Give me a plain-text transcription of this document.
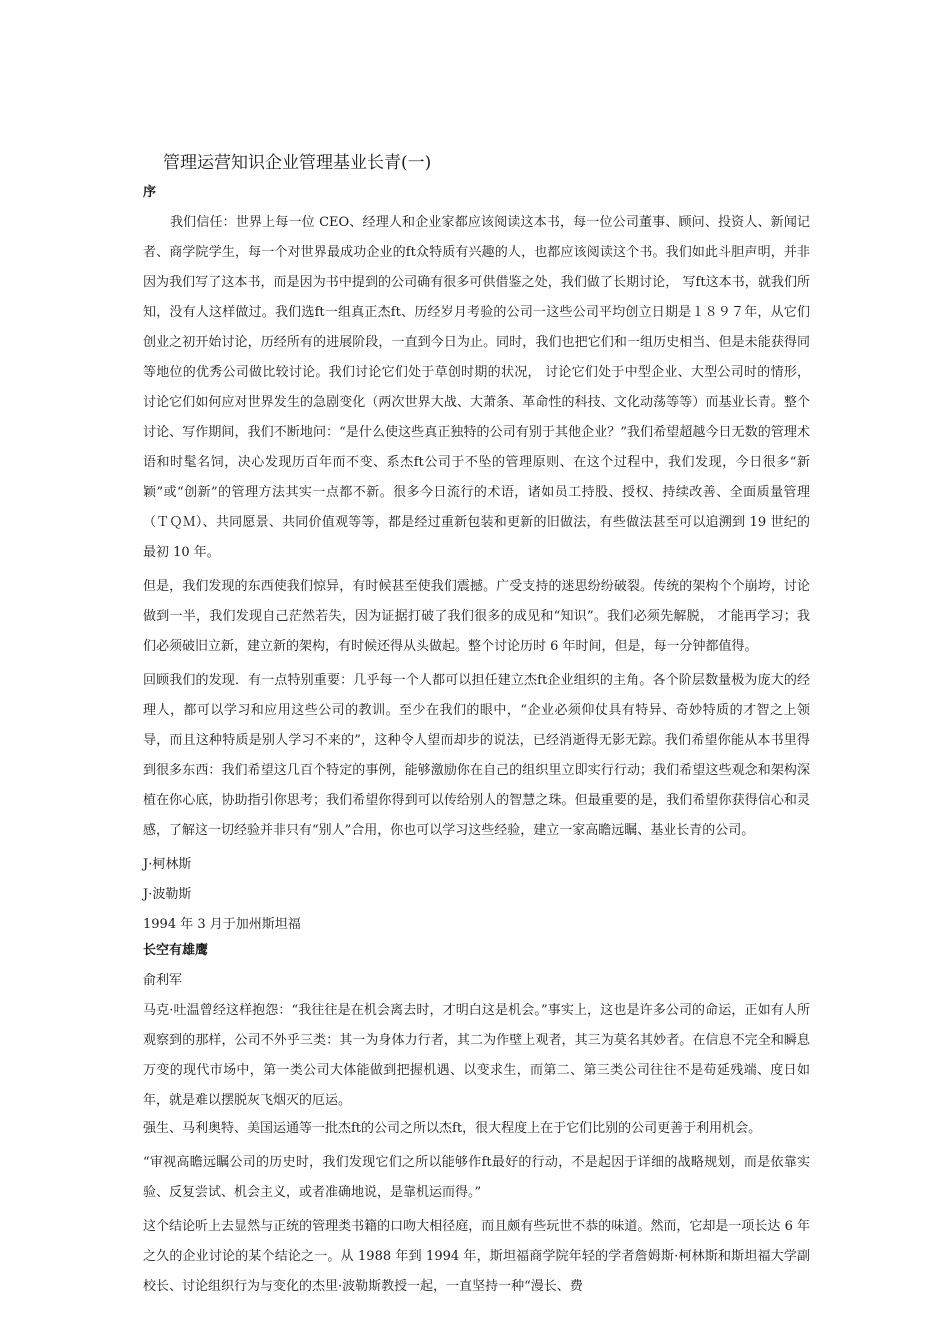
管理运营知识企业管理基业长青(一)
序

我们信任：世界上每一位 CEO、经理人和企业家都应该阅读这本书，每一位公司董事、顾问、投资人、新闻记者、商学院学生，每一个对世界最成功企业的ft众特质有兴趣的人，也都应该阅读这个书。我们如此斗胆声明，并非因为我们写了这本书，而是因为书中提到的公司确有很多可供借鉴之处，我们做了长期讨论， 写ft这本书，就我们所知，没有人这样做过。我们选ft一组真正杰ft、历经岁月考验的公司一这些公司平均创立日期是１８９７年，从它们创业之初开始讨论，历经所有的进展阶段，一直到今日为止。同时，我们也把它们和一组历史相当、但是未能获得同等地位的优秀公司做比较讨论。我们讨论它们处于草创时期的状况， 讨论它们处于中型企业、大型公司时的情形，讨论它们如何应对世界发生的急剧变化（两次世界大战、大萧条、革命性的科技、文化动荡等等）而基业长青。整个讨论、写作期间，我们不断地问：“是什么使这些真正独特的公司有别于其他企业？”我们希望超越今日无数的管理术语和时髦名饲，决心发现历百年而不变、系杰ft公司于不坠的管理原则、在这个过程中，我们发现，今日很多“新颖”或“创新”的管理方法其实一点都不新。很多今日流行的术语，诸如员工持股、授权、持续改善、全面质量管理（ＴＱＭ）、共同愿景、共同价值观等等，都是经过重新包装和更新的旧做法，有些做法甚至可以追溯到 19 世纪的最初 10 年。

但是，我们发现的东西使我们惊异，有时候甚至使我们震撼。广受支持的迷思纷纷破裂。传统的架构个个崩垮，讨论做到一半，我们发现自己茫然若失，因为证据打破了我们很多的成见和“知识”。我们必须先解脱， 才能再学习；我们必须破旧立新，建立新的架构，有时候还得从头做起。整个讨论历时 6 年时间，但是，每一分钟都值得。

回顾我们的发现．有一点特别重要：几乎每一个人都可以担任建立杰ft企业组织的主角。各个阶层数量极为庞大的经理人，都可以学习和应用这些公司的教训。至少在我们的眼中，“企业必须仰仗具有特异、奇妙特质的才智之上领导，而且这种特质是别人学习不来的”，这种令人望而却步的说法，已经消逝得无影无踪。我们希望你能从本书里得到很多东西：我们希望这几百个特定的事例，能够激励你在自己的组织里立即实行行动；我们希望这些观念和架构深植在你心底，协助指引你思考；我们希望你得到可以传给别人的智慧之珠。但最重要的是，我们希望你获得信心和灵感，了解这一切经验并非只有“别人”合用，你也可以学习这些经验，建立一家高瞻远瞩、基业长青的公司。

J·柯林斯

J·波勒斯

1994 年 3 月于加州斯坦福

长空有雄鹰

俞利军

马克·吐温曾经这样抱怨：“我往往是在机会离去时，才明白这是机会。”事实上，这也是许多公司的命运，正如有人所观察到的那样，公司不外乎三类：其一为身体力行者，其二为作壁上观者，其三为莫名其妙者。在信息不完全和瞬息万变的现代市场中，第一类公司大体能做到把握机遇、以变求生，而第二、第三类公司往往不是苟延残端、度日如年，就是难以摆脱灰飞烟灭的厄运。

强生、马利奥特、美国运通等一批杰ft的公司之所以杰ft，很大程度上在于它们比别的公司更善于利用机会。

“审视高瞻远瞩公司的历史时，我们发现它们之所以能够作ft最好的行动，不是起因于详细的战略规划，而是依靠实验、反复尝试、机会主义，或者准确地说，是靠机运而得。”

这个结论听上去显然与正统的管理类书籍的口吻大相径庭，而且颇有些玩世不恭的味道。然而，它却是一项长达 6 年之久的企业讨论的某个结论之一。从 1988 年到 1994 年，斯坦福商学院年轻的学者詹姆斯·柯林斯和斯坦福大学副校长、讨论组织行为与变化的杰里·波勒斯教授一起，一直坚持一种“漫长、费
